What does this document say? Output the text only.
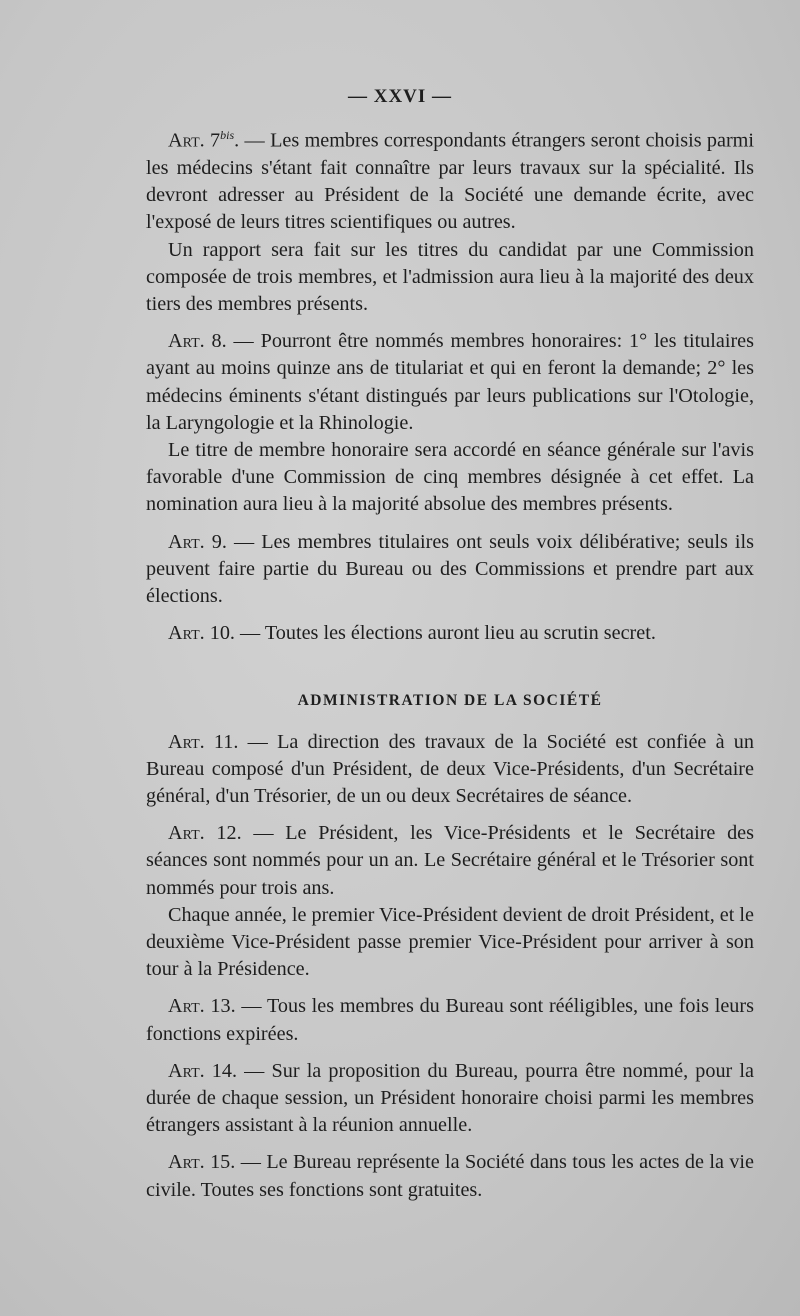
— XXVI —

Art. $7^{bis}$. — Les membres correspondants étrangers seront choisis parmi les médecins s'étant fait connaître par leurs travaux sur la spécialité. Ils devront adresser au Président de la Société une demande écrite, avec l'exposé de leurs titres scientifiques ou autres.

Un rapport sera fait sur les titres du candidat par une Commission composée de trois membres, et l'admission aura lieu à la majorité des deux tiers des membres présents.

Art. 8. — Pourront être nommés membres honoraires: 1° les titulaires ayant au moins quinze ans de titulariat et qui en feront la demande; 2° les médecins éminents s'étant distingués par leurs publications sur l'Otologie, la Laryngologie et la Rhinologie.

Le titre de membre honoraire sera accordé en séance générale sur l'avis favorable d'une Commission de cinq membres désignée à cet effet. La nomination aura lieu à la majorité absolue des membres présents.

Art. 9. — Les membres titulaires ont seuls voix délibérative; seuls ils peuvent faire partie du Bureau ou des Commissions et prendre part aux élections.

Art. 10. — Toutes les élections auront lieu au scrutin secret.

ADMINISTRATION DE LA SOCIÉTÉ

Art. 11. — La direction des travaux de la Société est confiée à un Bureau composé d'un Président, de deux Vice-Présidents, d'un Secrétaire général, d'un Trésorier, de un ou deux Secrétaires de séance.

Art. 12. — Le Président, les Vice-Présidents et le Secrétaire des séances sont nommés pour un an. Le Secrétaire général et le Trésorier sont nommés pour trois ans.

Chaque année, le premier Vice-Président devient de droit Président, et le deuxième Vice-Président passe premier Vice-Président pour arriver à son tour à la Présidence.

Art. 13. — Tous les membres du Bureau sont rééligibles, une fois leurs fonctions expirées.

Art. 14. — Sur la proposition du Bureau, pourra être nommé, pour la durée de chaque session, un Président honoraire choisi parmi les membres étrangers assistant à la réunion annuelle.

Art. 15. — Le Bureau représente la Société dans tous les actes de la vie civile. Toutes ses fonctions sont gratuites.
